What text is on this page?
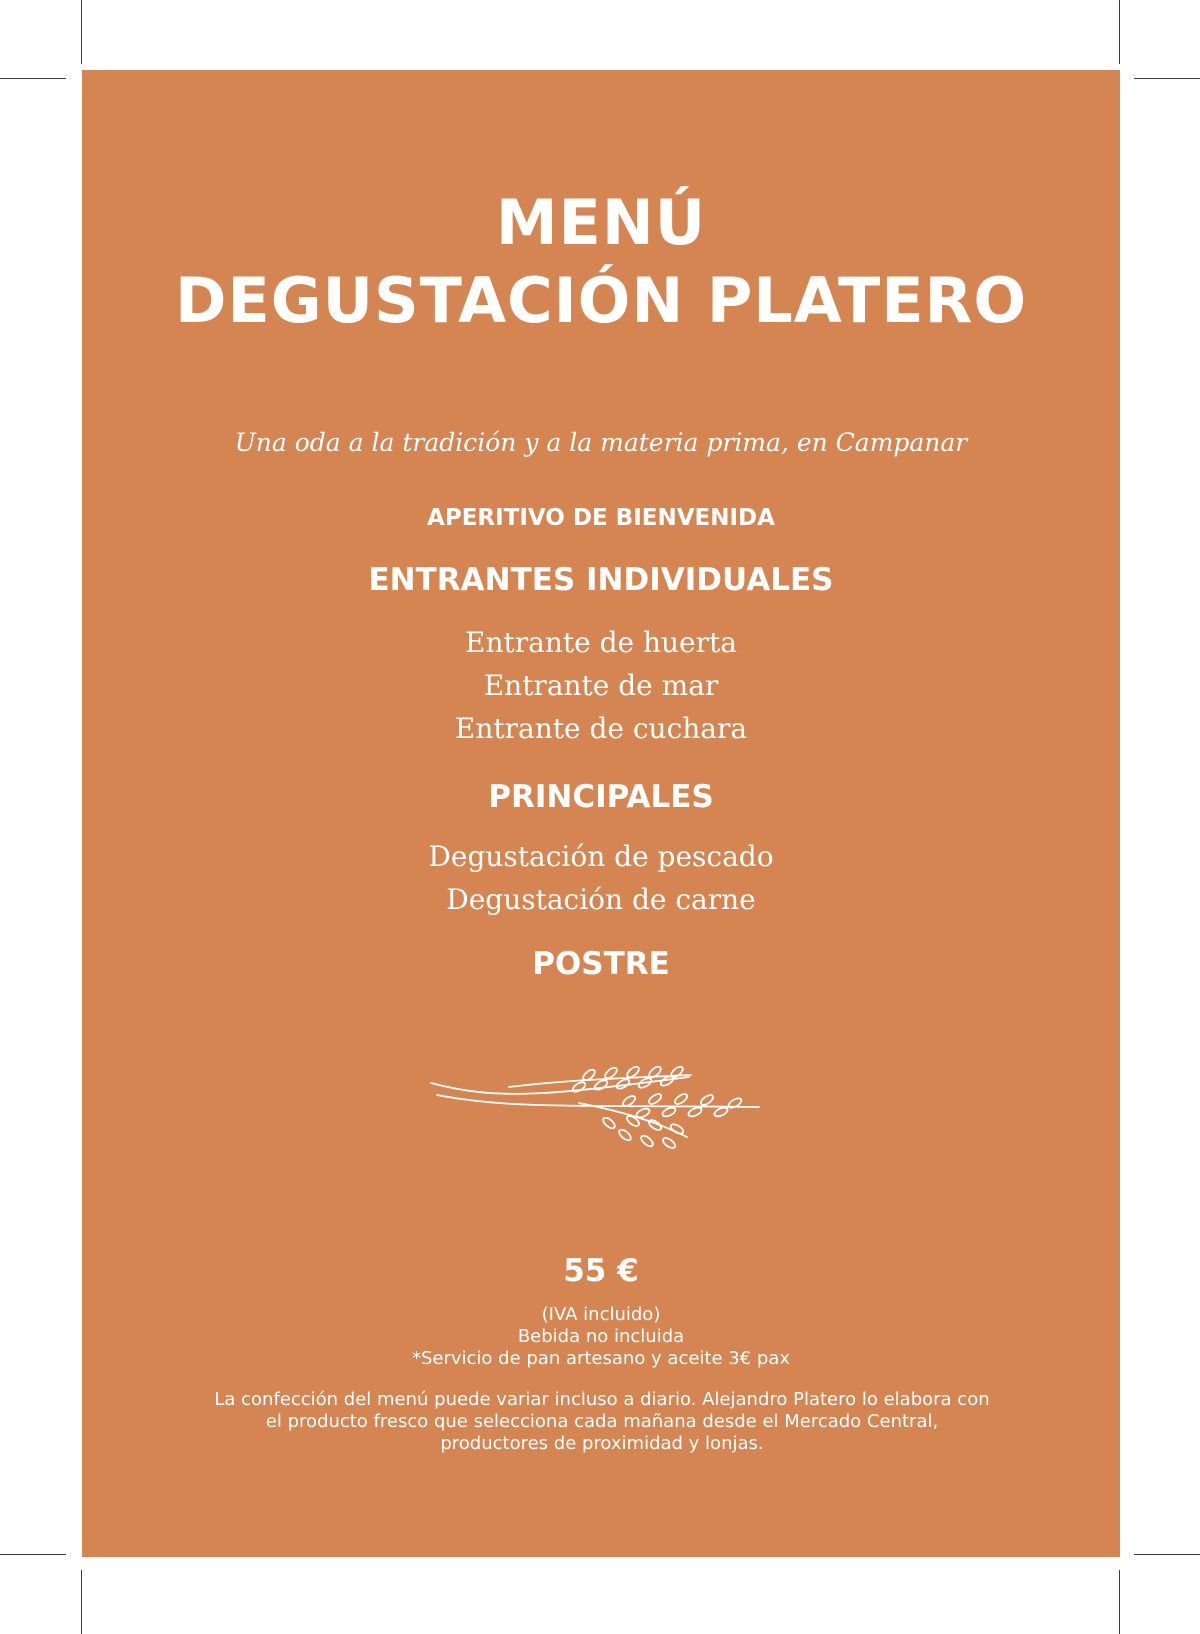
MENÚ
DEGUSTACIÓN PLATERO
Una oda a la tradición y a la materia prima, en Campanar
APERITIVO DE BIENVENIDA
ENTRANTES INDIVIDUALES
Entrante de huerta
Entrante de mar
Entrante de cuchara
PRINCIPALES
Degustación de pescado
Degustación de carne
POSTRE
55 €
(IVA incluido)
Bebida no incluida
*Servicio de pan artesano y aceite 3€ pax
La confección del menú puede variar incluso a diario. Alejandro Platero lo elabora con el producto fresco que selecciona cada mañana desde el Mercado Central, productores de proximidad y lonjas.
